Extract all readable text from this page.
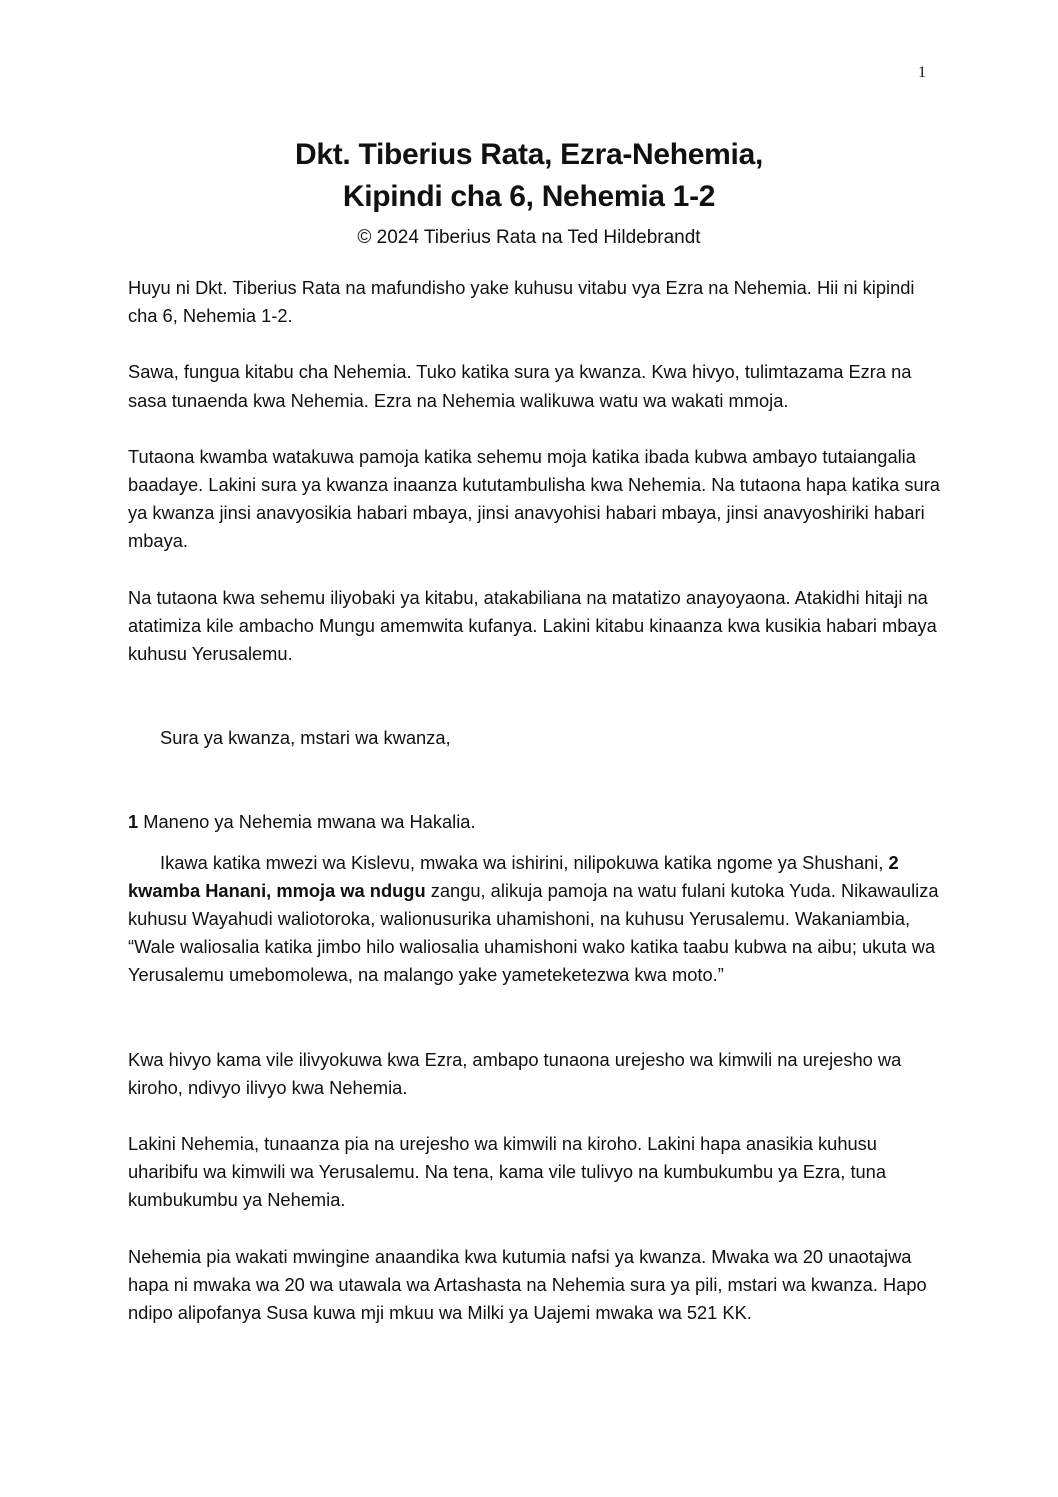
1
Dkt. Tiberius Rata, Ezra-Nehemia,
Kipindi cha 6, Nehemia 1-2
© 2024 Tiberius Rata na Ted Hildebrandt

Huyu ni Dkt. Tiberius Rata na mafundisho yake kuhusu vitabu vya Ezra na Nehemia. Hii ni kipindi cha 6, Nehemia 1-2.

Sawa, fungua kitabu cha Nehemia. Tuko katika sura ya kwanza. Kwa hivyo, tulimtazama Ezra na sasa tunaenda kwa Nehemia. Ezra na Nehemia walikuwa watu wa wakati mmoja.

Tutaona kwamba watakuwa pamoja katika sehemu moja katika ibada kubwa ambayo tutaiangalia baadaye. Lakini sura ya kwanza inaanza kututambulisha kwa Nehemia. Na tutaona hapa katika sura ya kwanza jinsi anavyosikia habari mbaya, jinsi anavyohisi habari mbaya, jinsi anavyoshiriki habari mbaya.

Na tutaona kwa sehemu iliyobaki ya kitabu, atakabiliana na matatizo anayoyaona. Atakidhi hitaji na atatimiza kile ambacho Mungu amemwita kufanya. Lakini kitabu kinaanza kwa kusikia habari mbaya kuhusu Yerusalemu.

Sura ya kwanza, mstari wa kwanza,

1 Maneno ya Nehemia mwana wa Hakalia.

Ikawa katika mwezi wa Kislevu, mwaka wa ishirini, nilipokuwa katika ngome ya Shushani, 2 kwamba Hanani, mmoja wa ndugu zangu, alikuja pamoja na watu fulani kutoka Yuda. Nikawauliza kuhusu Wayahudi waliotoroka, walionusurika uhamishoni, na kuhusu Yerusalemu. Wakaniambia, “Wale waliosalia katika jimbo hilo waliosalia uhamishoni wako katika taabu kubwa na aibu; ukuta wa Yerusalemu umebomolewa, na malango yake yameteketezwa kwa moto.”

Kwa hivyo kama vile ilivyokuwa kwa Ezra, ambapo tunaona urejesho wa kimwili na urejesho wa kiroho, ndivyo ilivyo kwa Nehemia.

Lakini Nehemia, tunaanza pia na urejesho wa kimwili na kiroho. Lakini hapa anasikia kuhusu uharibifu wa kimwili wa Yerusalemu. Na tena, kama vile tulivyo na kumbukumbu ya Ezra, tuna kumbukumbu ya Nehemia.

Nehemia pia wakati mwingine anaandika kwa kutumia nafsi ya kwanza. Mwaka wa 20 unaotajwa hapa ni mwaka wa 20 wa utawala wa Artashasta na Nehemia sura ya pili, mstari wa kwanza. Hapo ndipo alipofanya Susa kuwa mji mkuu wa Milki ya Uajemi mwaka wa 521 KK.
